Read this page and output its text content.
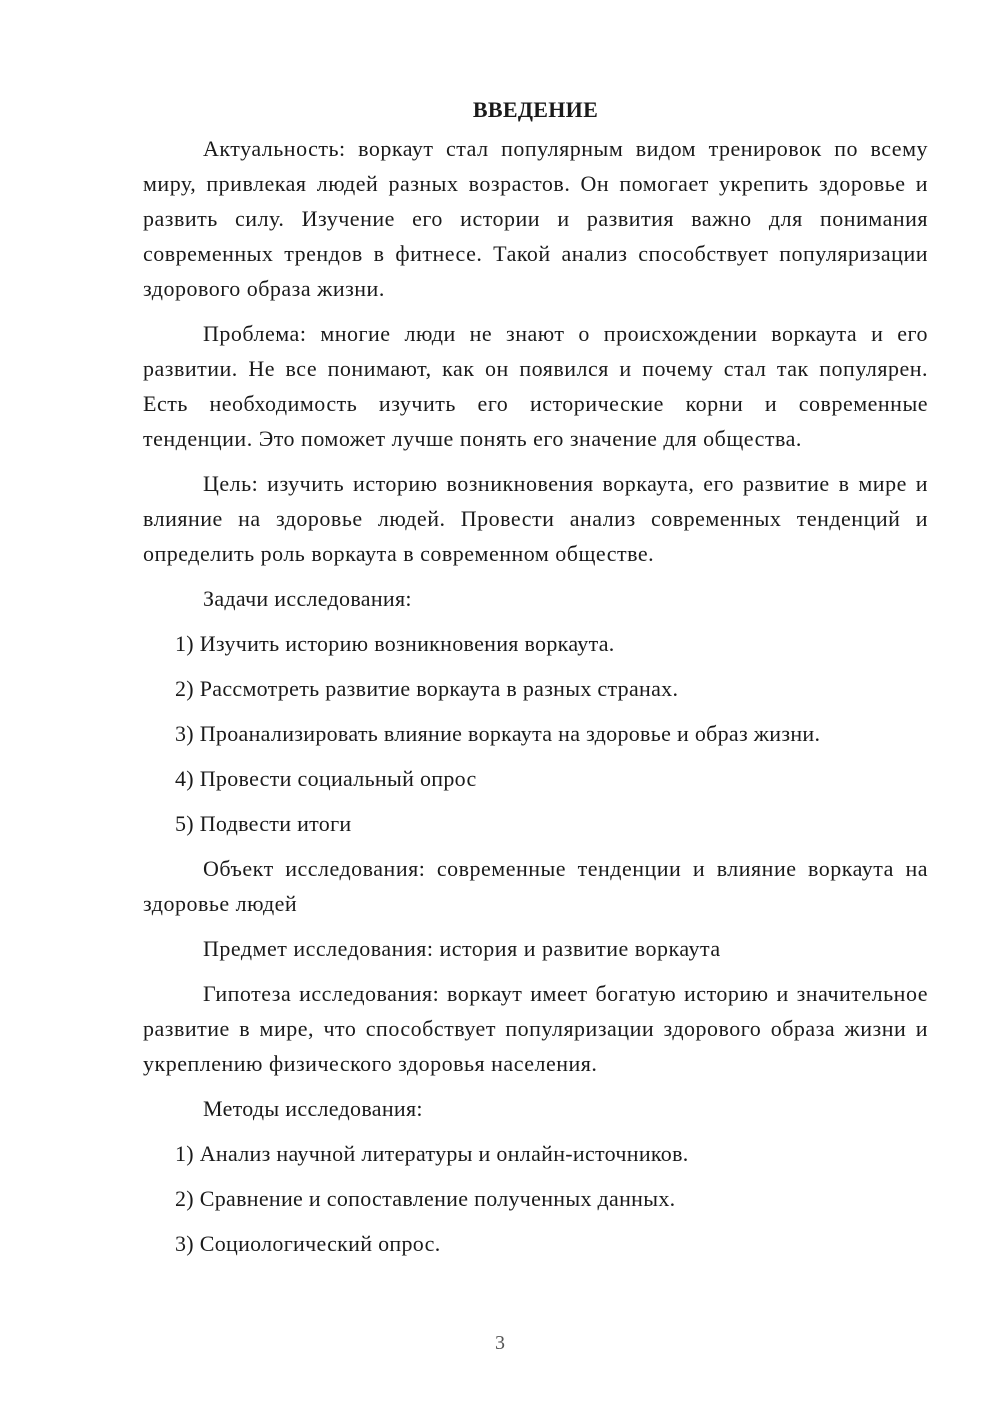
ВВЕДЕНИЕ

Актуальность: воркаут стал популярным видом тренировок по всему миру, привлекая людей разных возрастов. Он помогает укрепить здоровье и развить силу. Изучение его истории и развития важно для понимания современных трендов в фитнесе. Такой анализ способствует популяризации здорового образа жизни.

Проблема: многие люди не знают о происхождении воркаута и его развитии. Не все понимают, как он появился и почему стал так популярен. Есть необходимость изучить его исторические корни и современные тенденции. Это поможет лучше понять его значение для общества.

Цель: изучить историю возникновения воркаута, его развитие в мире и влияние на здоровье людей. Провести анализ современных тенденций и определить роль воркаута в современном обществе.

Задачи исследования:

1) Изучить историю возникновения воркаута.

2) Рассмотреть развитие воркаута в разных странах.

3) Проанализировать влияние воркаута на здоровье и образ жизни.

4) Провести социальный опрос

5) Подвести итоги

Объект исследования: современные тенденции и влияние воркаута на здоровье людей

Предмет исследования: история и развитие воркаута

Гипотеза исследования: воркаут имеет богатую историю и значительное развитие в мире, что способствует популяризации здорового образа жизни и укреплению физического здоровья населения.

Методы исследования:

1) Анализ научной литературы и онлайн-источников.

2) Сравнение и сопоставление полученных данных.

3) Социологический опрос.

3
